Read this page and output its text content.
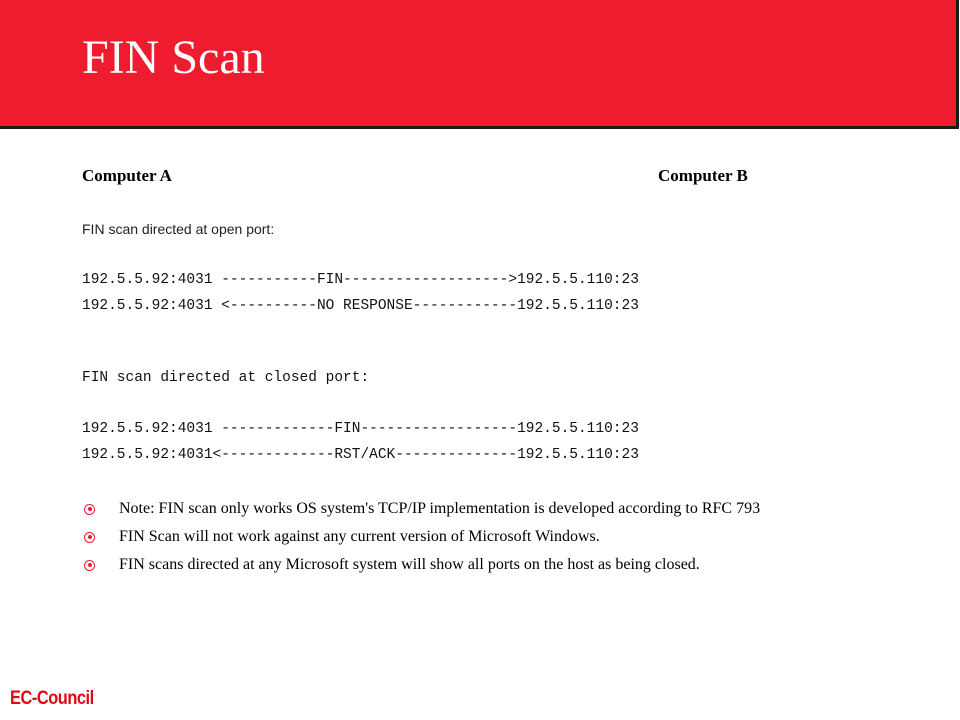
FIN Scan
Computer A	Computer B
FIN scan directed at open port:
192.5.5.92:4031 -----------FIN------------------->192.5.5.110:23
192.5.5.92:4031 <----------NO RESPONSE------------192.5.5.110:23
FIN scan directed at closed port:
192.5.5.92:4031 -------------FIN------------------192.5.5.110:23
192.5.5.92:4031<-------------RST/ACK--------------192.5.5.110:23
Note: FIN scan only works OS system's TCP/IP implementation is developed according to RFC 793
FIN Scan will not work against any current version of Microsoft Windows.
FIN scans directed at any Microsoft system will show all ports on the host as being closed.
EC-Council
